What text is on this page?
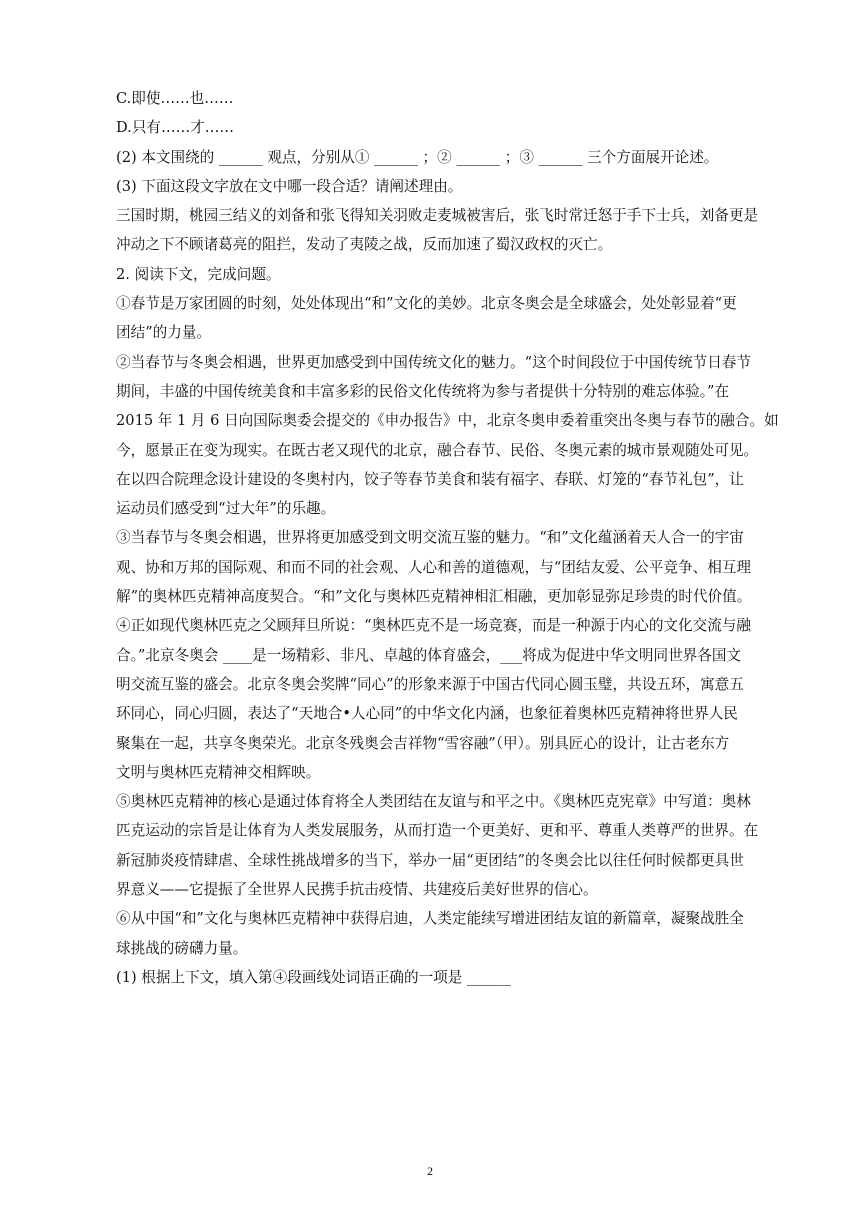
C.即使……也……
D.只有……才……
(2) 本文围绕的 ______ 观点，分别从① ______ ；② ______ ；③ ______ 三个方面展开论述。
(3) 下面这段文字放在文中哪一段合适？请阐述理由。
三国时期，桃园三结义的刘备和张飞得知关羽败走麦城被害后，张飞时常迁怒于手下士兵，刘备更是
冲动之下不顾诸葛亮的阻拦，发动了夷陵之战，反而加速了蜀汉政权的灭亡。
2. 阅读下文，完成问题。
①春节是万家团圆的时刻，处处体现出“和”文化的美妙。北京冬奥会是全球盛会，处处彰显着“更
团结”的力量。
②当春节与冬奥会相遇，世界更加感受到中国传统文化的魅力。“这个时间段位于中国传统节日春节
期间，丰盛的中国传统美食和丰富多彩的民俗文化传统将为参与者提供十分特别的难忘体验。”在
2015 年 1 月 6 日向国际奥委会提交的《申办报告》中，北京冬奥申委着重突出冬奥与春节的融合。如
今，愿景正在变为现实。在既古老又现代的北京，融合春节、民俗、冬奥元素的城市景观随处可见。
在以四合院理念设计建设的冬奥村内，饺子等春节美食和装有福字、春联、灯笼的“春节礼包”，让
运动员们感受到“过大年”的乐趣。
③当春节与冬奥会相遇，世界将更加感受到文明交流互鉴的魅力。“和”文化蕴涵着天人合一的宇宙
观、协和万邦的国际观、和而不同的社会观、人心和善的道德观，与“团结友爱、公平竞争、相互理
解”的奥林匹克精神高度契合。“和”文化与奥林匹克精神相汇相融，更加彰显弥足珍贵的时代价值。
④正如现代奥林匹克之父顾拜旦所说：“奥林匹克不是一场竞赛，而是一种源于内心的文化交流与融
合。”北京冬奥会 ____是一场精彩、非凡、卓越的体育盛会，___将成为促进中华文明同世界各国文
明交流互鉴的盛会。北京冬奥会奖牌“同心”的形象来源于中国古代同心圆玉璧，共设五环，寓意五
环同心，同心归圆，表达了“天地合•人心同”的中华文化内涵，也象征着奥林匹克精神将世界人民
聚集在一起，共享冬奥荣光。北京冬残奥会吉祥物“雪容融”（甲）。别具匠心的设计，让古老东方
文明与奥林匹克精神交相辉映。
⑤奥林匹克精神的核心是通过体育将全人类团结在友谊与和平之中。《奥林匹克宪章》中写道：奥林
匹克运动的宗旨是让体育为人类发展服务，从而打造一个更美好、更和平、尊重人类尊严的世界。在
新冠肺炎疫情肆虐、全球性挑战增多的当下，举办一届“更团结”的冬奥会比以往任何时候都更具世
界意义——它提振了全世界人民携手抗击疫情、共建疫后美好世界的信心。
⑥从中国“和”文化与奥林匹克精神中获得启迪，人类定能续写增进团结友谊的新篇章，凝聚战胜全
球挑战的磅礴力量。
(1) 根据上下文，填入第④段画线处词语正确的一项是 ______
2
